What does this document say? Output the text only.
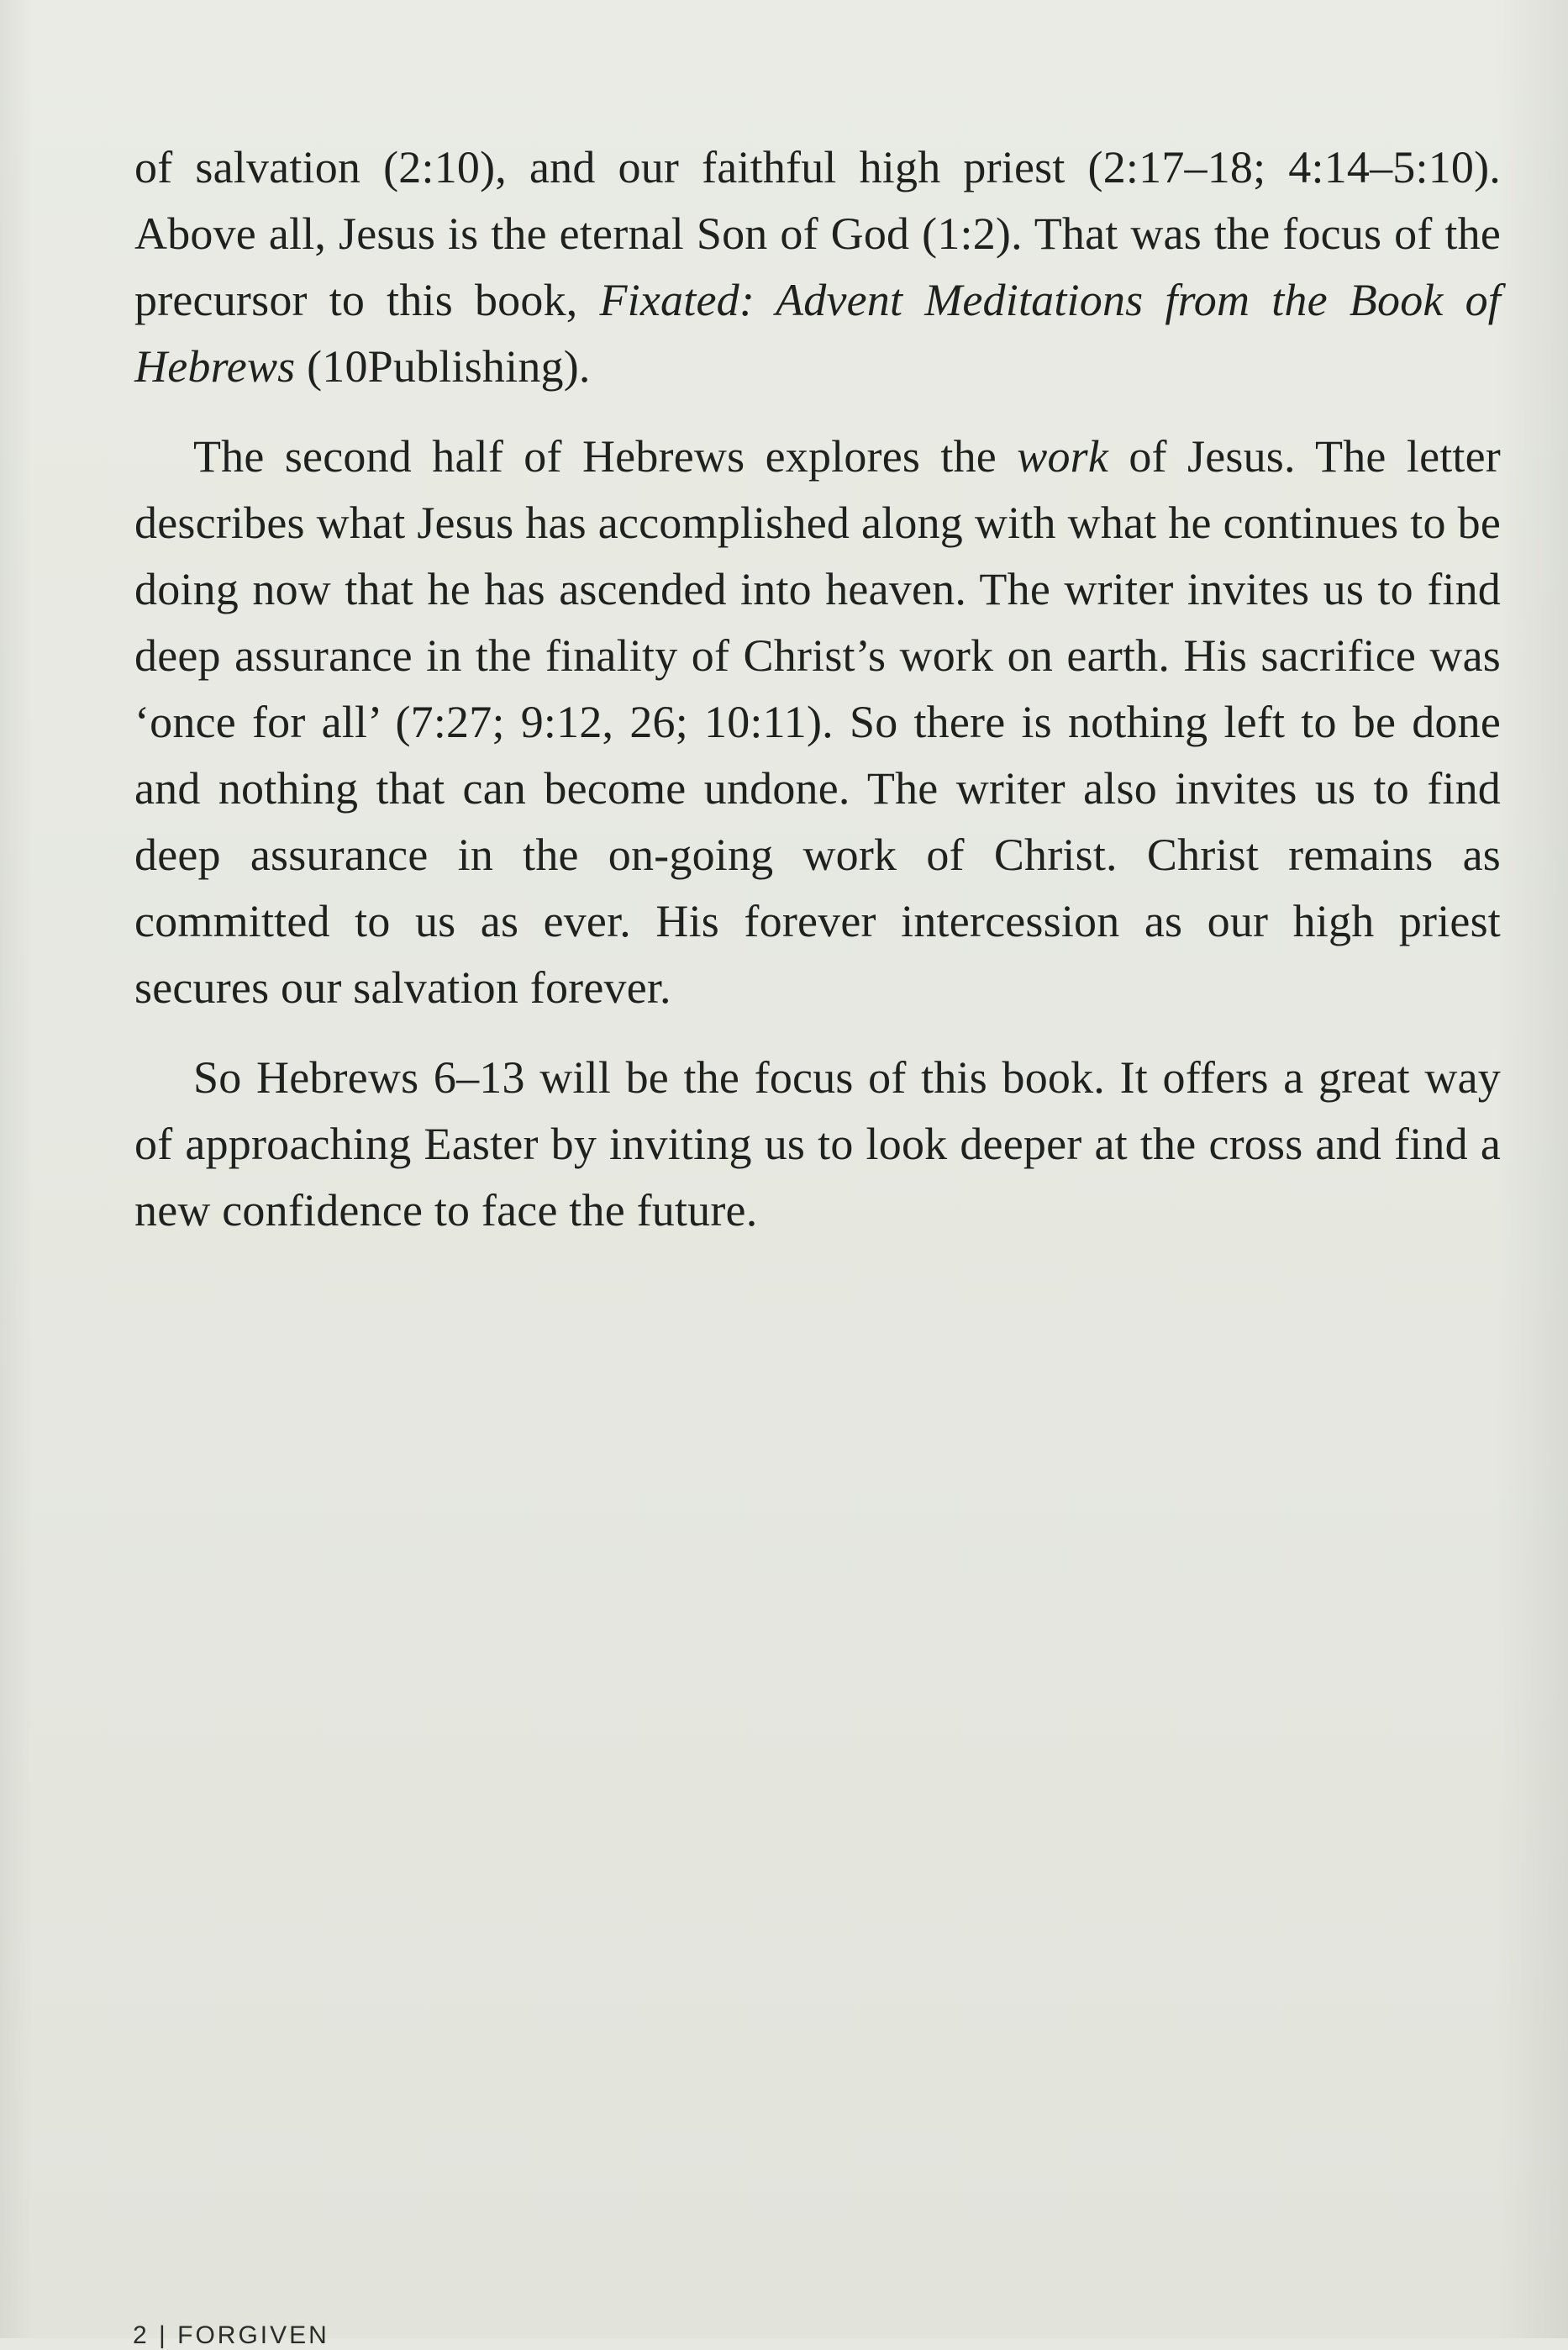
of salvation (2:10), and our faithful high priest (2:17–18; 4:14–5:10). Above all, Jesus is the eternal Son of God (1:2). That was the focus of the precursor to this book, Fixated: Advent Meditations from the Book of Hebrews (10Publishing).

The second half of Hebrews explores the work of Jesus. The letter describes what Jesus has accomplished along with what he continues to be doing now that he has ascended into heaven. The writer invites us to find deep assurance in the finality of Christ’s work on earth. His sacrifice was ‘once for all’ (7:27; 9:12, 26; 10:11). So there is nothing left to be done and nothing that can become undone. The writer also invites us to find deep assurance in the on-going work of Christ. Christ remains as committed to us as ever. His forever intercession as our high priest secures our salvation forever.

So Hebrews 6–13 will be the focus of this book. It offers a great way of approaching Easter by inviting us to look deeper at the cross and find a new confidence to face the future.

2 | FORGIVEN
